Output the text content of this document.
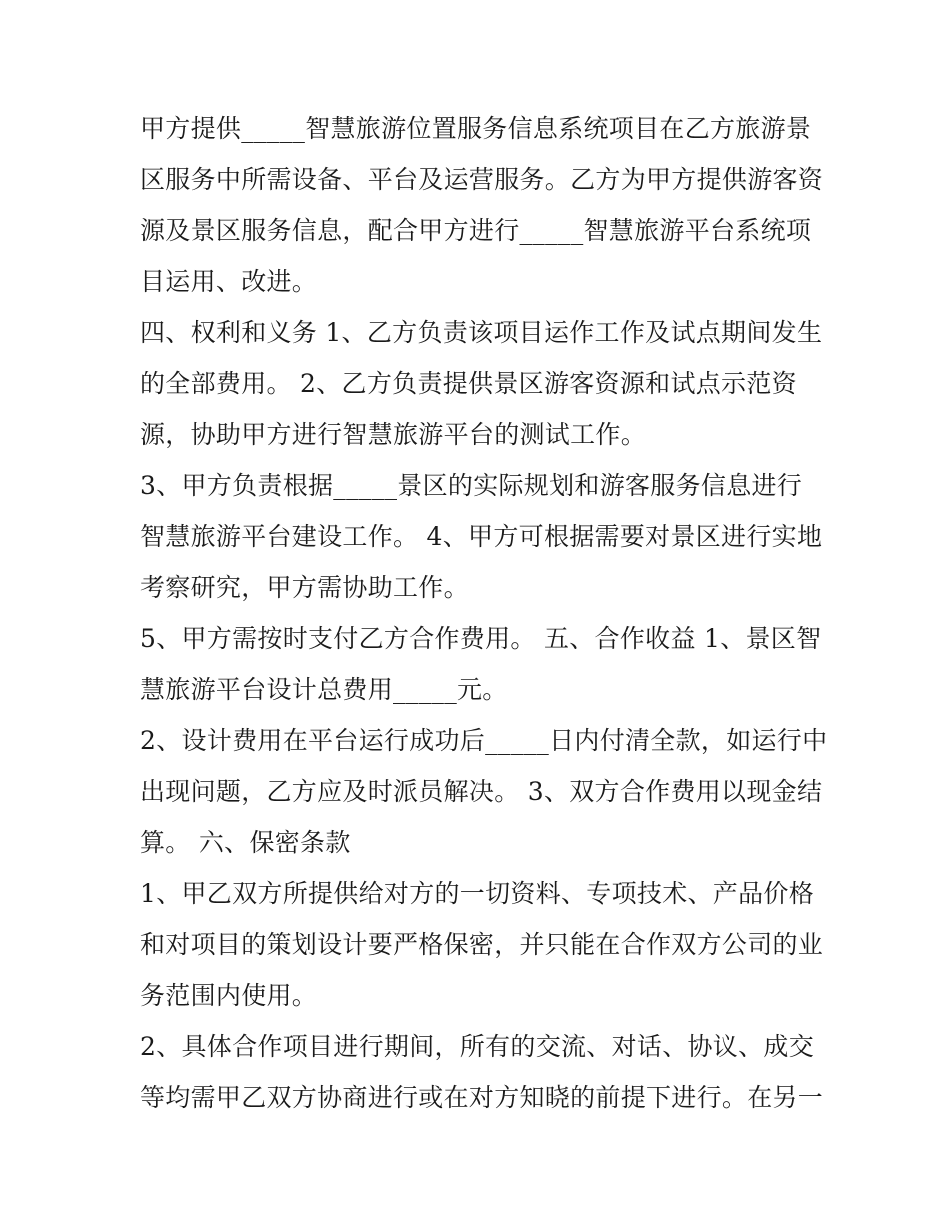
甲方提供_____智慧旅游位置服务信息系统项目在乙方旅游景
区服务中所需设备、平台及运营服务。乙方为甲方提供游客资
源及景区服务信息，配合甲方进行_____智慧旅游平台系统项
目运用、改进。
四、权利和义务 1、乙方负责该项目运作工作及试点期间发生
的全部费用。 2、乙方负责提供景区游客资源和试点示范资
源，协助甲方进行智慧旅游平台的测试工作。
3、甲方负责根据_____景区的实际规划和游客服务信息进行
智慧旅游平台建设工作。 4、甲方可根据需要对景区进行实地
考察研究，甲方需协助工作。
5、甲方需按时支付乙方合作费用。 五、合作收益 1、景区智
慧旅游平台设计总费用_____元。
2、设计费用在平台运行成功后_____日内付清全款，如运行中
出现问题，乙方应及时派员解决。 3、双方合作费用以现金结
算。 六、保密条款
1、甲乙双方所提供给对方的一切资料、专项技术、产品价格
和对项目的策划设计要严格保密，并只能在合作双方公司的业
务范围内使用。
2、具体合作项目进行期间，所有的交流、对话、协议、成交
等均需甲乙双方协商进行或在对方知晓的前提下进行。在另一
